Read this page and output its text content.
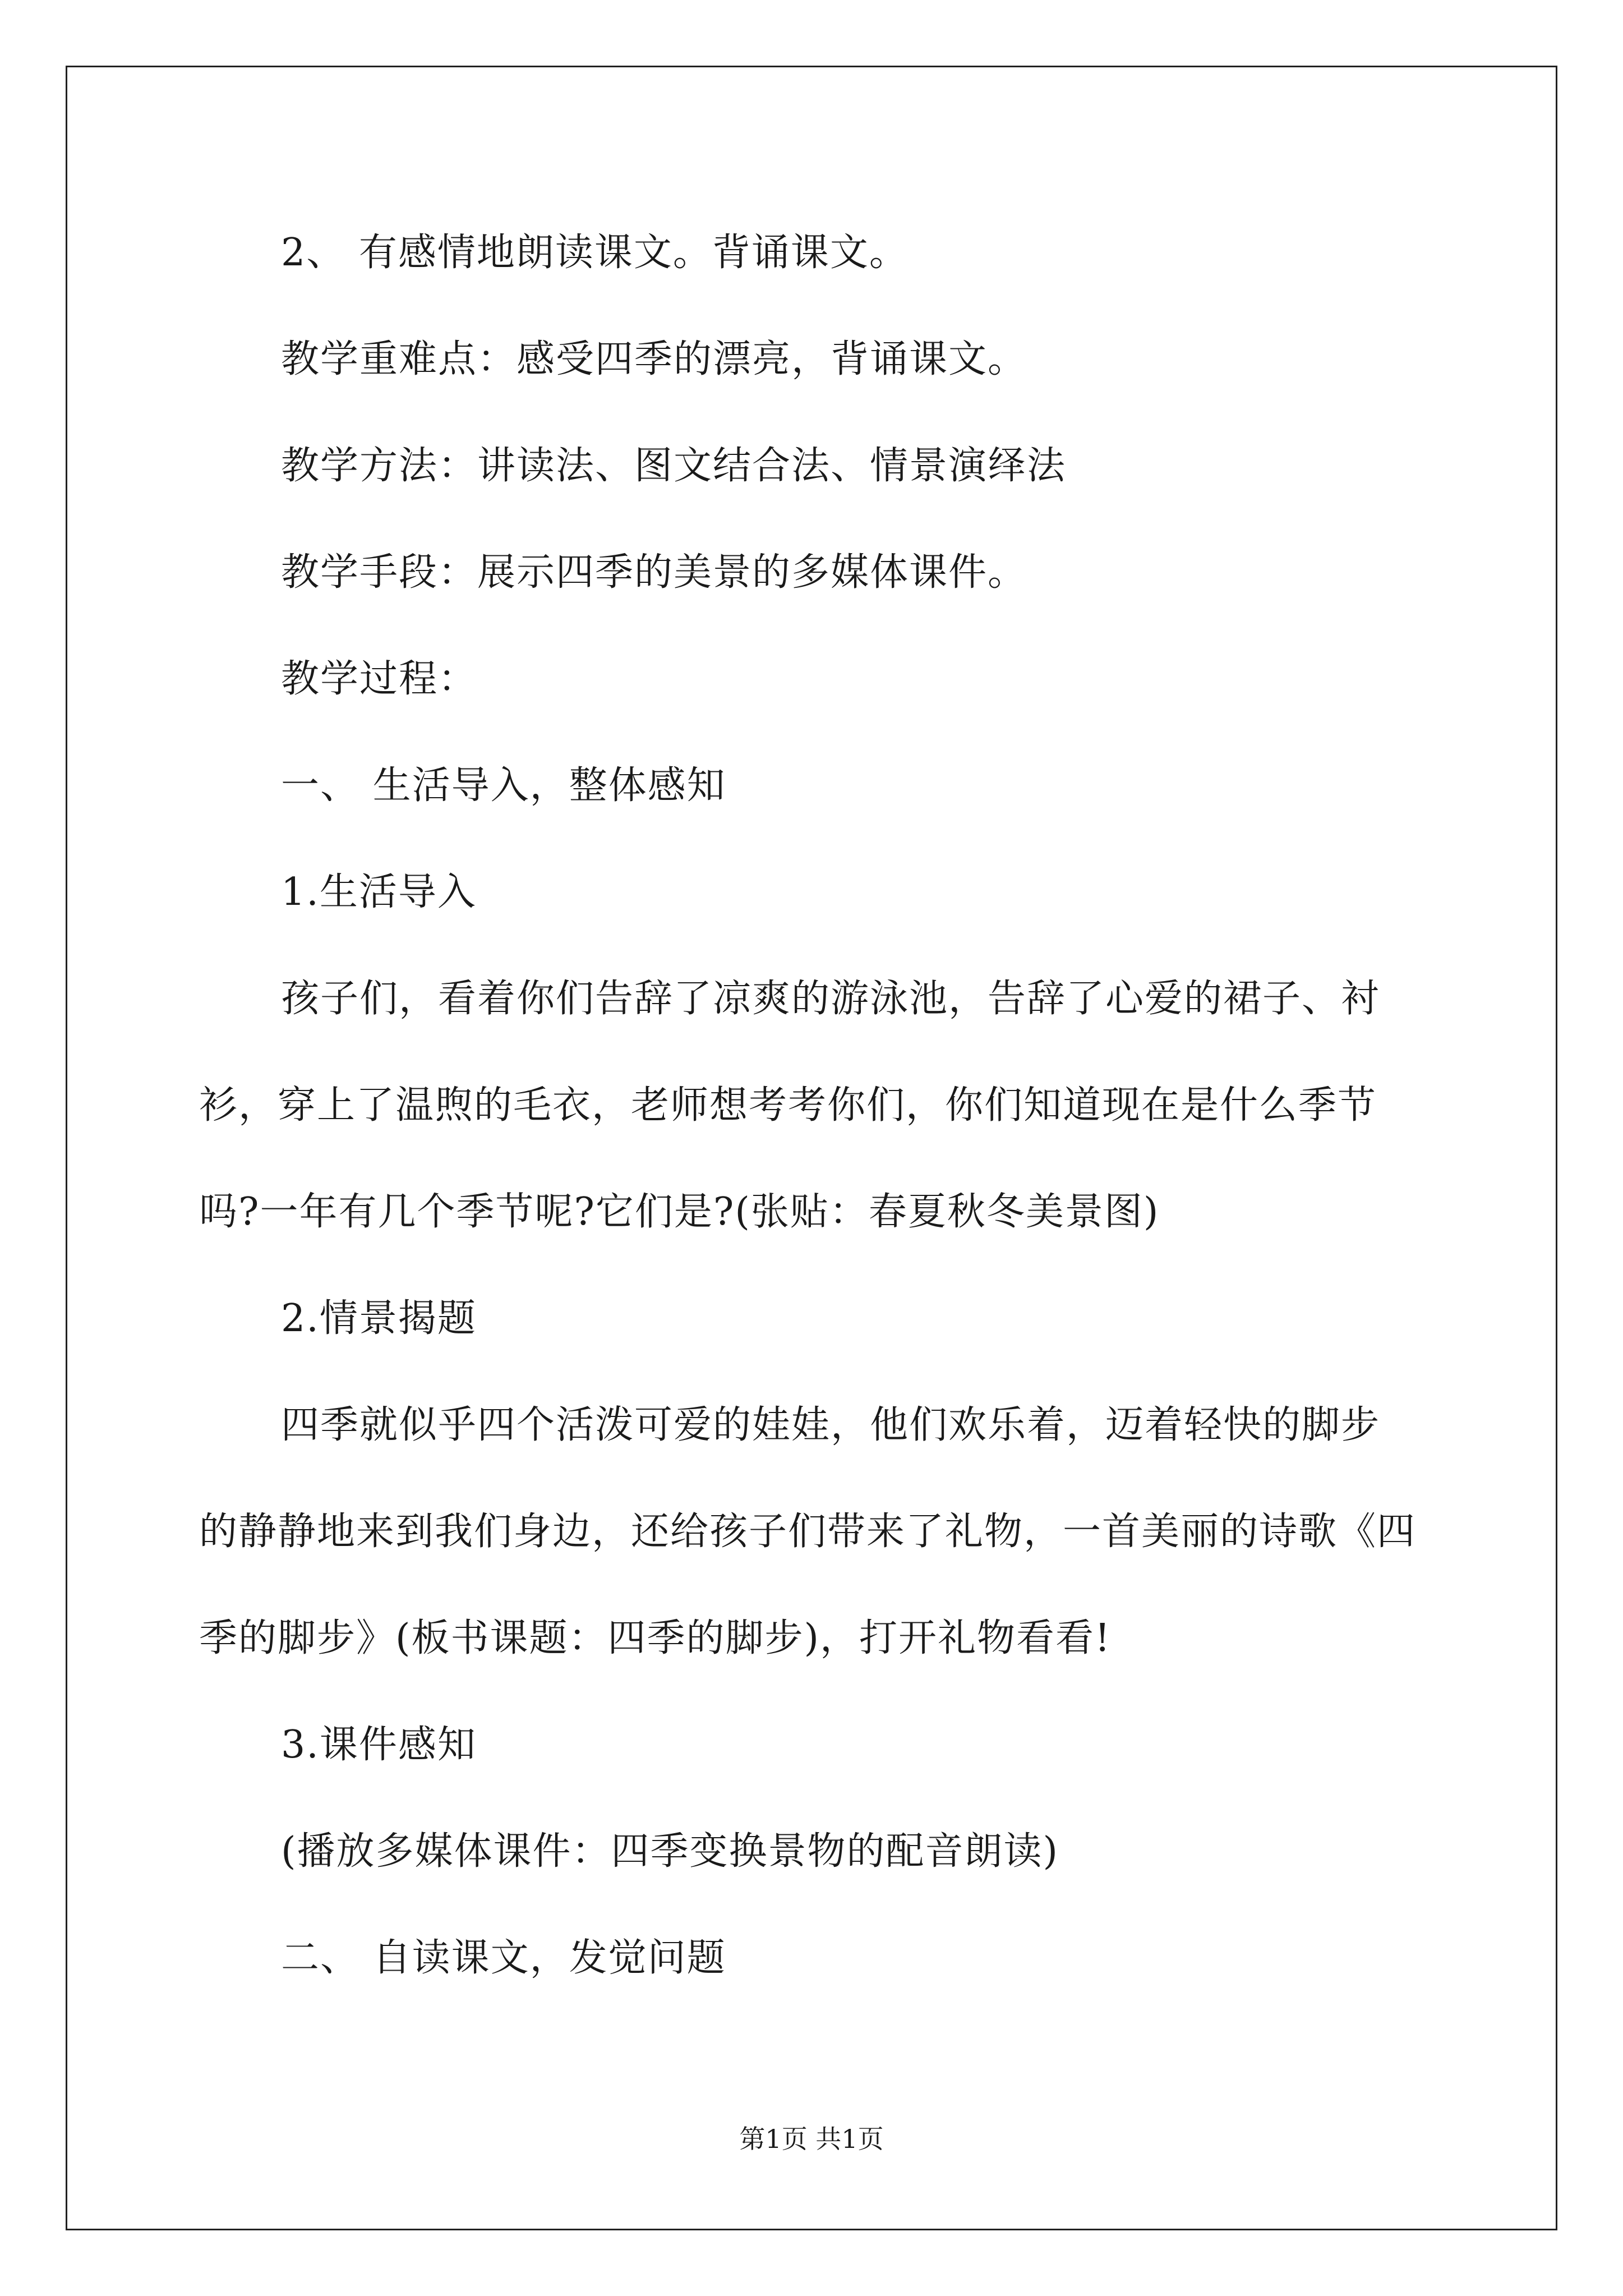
2、 有感情地朗读课文。背诵课文。
教学重难点：感受四季的漂亮，背诵课文。
教学方法：讲读法、图文结合法、情景演绎法
教学手段：展示四季的美景的多媒体课件。
教学过程：
一、 生活导入，整体感知
1.生活导入
孩子们，看着你们告辞了凉爽的游泳池，告辞了心爱的裙子、衬
衫，穿上了温煦的毛衣，老师想考考你们，你们知道现在是什么季节
吗?一年有几个季节呢?它们是?(张贴：春夏秋冬美景图)
2.情景揭题
四季就似乎四个活泼可爱的娃娃，他们欢乐着，迈着轻快的脚步
的静静地来到我们身边，还给孩子们带来了礼物，一首美丽的诗歌《四
季的脚步》(板书课题：四季的脚步)，打开礼物看看!
3.课件感知
(播放多媒体课件：四季变换景物的配音朗读)
二、 自读课文，发觉问题
第1页 共1页
